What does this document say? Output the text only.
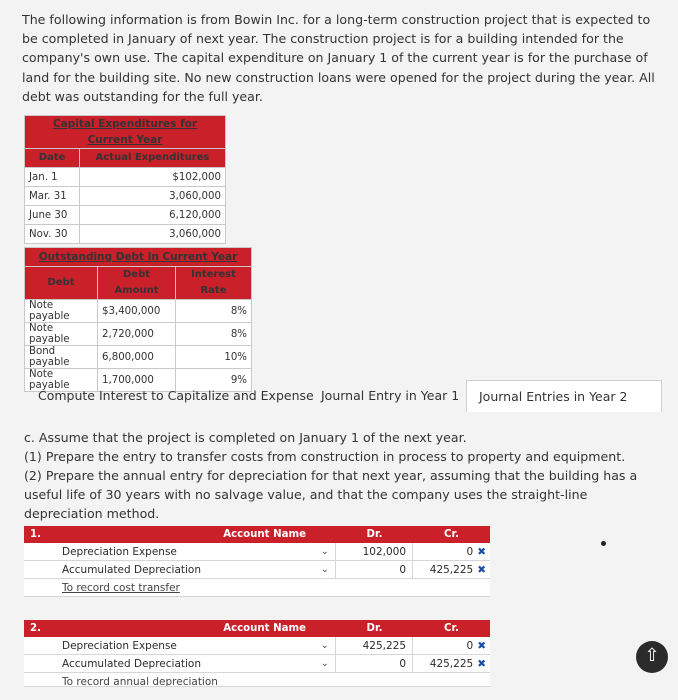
The following information is from Bowin Inc. for a long-term construction project that is expected to be completed in January of next year. The construction project is for a building intended for the company's own use. The capital expenditure on January 1 of the current year is for the purchase of land for the building site. No new construction loans were opened for the project during the year. All debt was outstanding for the full year.
Capital Expenditures for Current Year	
Date	Actual Expenditures
Jan. 1	$102,000
Mar. 31	3,060,000
June 30	6,120,000
Nov. 30	3,060,000
Outstanding Debt in Current Year		
Debt	Debt Amount	Interest Rate
Note payable	$3,400,000	8%
Note payable	2,720,000	8%
Bond payable	6,800,000	10%
Note payable	1,700,000	9%
Compute Interest to Capitalize and Expense Journal Entry in Year 1	Journal Entries in Year 2
c. Assume that the project is completed on January 1 of the next year.
(1) Prepare the entry to transfer costs from construction in process to property and equipment.
(2) Prepare the annual entry for depreciation for that next year, assuming that the building has a useful life of 30 years with no salvage value, and that the company uses the straight-line depreciation method.
1.	Account Name	Dr.	Cr.
Depreciation Expense	⌄	102,000	0 ✖
Accumulated Depreciation	⌄	0	425,225 ✖
To record cost transfer
2.	Account Name	Dr.	Cr.
Depreciation Expense	⌄	425,225	0 ✖
Accumulated Depreciation	⌄	0	425,225 ✖
To record annual depreciation
⇧
